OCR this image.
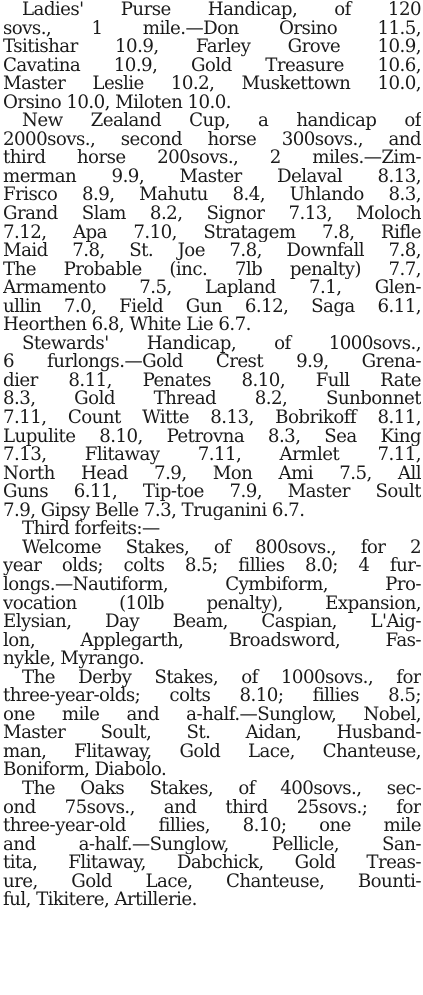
Ladies' Purse Handicap, of 120
sovs., 1 mile.—Don Orsino 11.5,
Tsitishar 10.9, Farley Grove 10.9,
Cavatina 10.9, Gold Treasure 10.6,
Master Leslie 10.2, Muskettown 10.0,
Orsino 10.0, Miloten 10.0.
New Zealand Cup, a handicap of
2000sovs., second horse 300sovs., and
third horse 200sovs., 2 miles.—Zim-
merman 9.9, Master Delaval 8.13,
Frisco 8.9, Mahutu 8.4, Uhlando 8.3,
Grand Slam 8.2, Signor 7.13, Moloch
7.12, Apa 7.10, Stratagem 7.8, Rifle
Maid 7.8, St. Joe 7.8, Downfall 7.8,
The Probable (inc. 7lb penalty) 7.7,
Armamento 7.5, Lapland 7.1, Glen-
ullin 7.0, Field Gun 6.12, Saga 6.11,
Heorthen 6.8, White Lie 6.7.
Stewards' Handicap, of 1000sovs.,
6 furlongs.—Gold Crest 9.9, Grena-
dier 8.11, Penates 8.10, Full Rate
8.3, Gold Thread 8.2, Sunbonnet
7.11, Count Witte 8.13, Bobrikoff 8.11,
Lupulite 8.10, Petrovna 8.3, Sea King
7.13, Flitaway 7.11, Armlet 7.11,
North Head 7.9, Mon Ami 7.5, All
Guns 6.11, Tip-toe 7.9, Master Soult
7.9, Gipsy Belle 7.3, Truganini 6.7.
Third forfeits:—
Welcome Stakes, of 800sovs., for 2
year olds; colts 8.5; fillies 8.0; 4 fur-
longs.—Nautiform, Cymbiform, Pro-
vocation (10lb penalty), Expansion,
Elysian, Day Beam, Caspian, L'Aig-
lon, Applegarth, Broadsword, Fas-
nykle, Myrango.
The Derby Stakes, of 1000sovs., for
three-year-olds; colts 8.10; fillies 8.5;
one mile and a-half.—Sunglow, Nobel,
Master Soult, St. Aidan, Husband-
man, Flitaway, Gold Lace, Chanteuse,
Boniform, Diabolo.
The Oaks Stakes, of 400sovs., sec-
ond 75sovs., and third 25sovs.; for
three-year-old fillies, 8.10; one mile
and a-half.—Sunglow, Pellicle, San-
tita, Flitaway, Dabchick, Gold Treas-
ure, Gold Lace, Chanteuse, Bounti-
ful, Tikitere, Artillerie.
